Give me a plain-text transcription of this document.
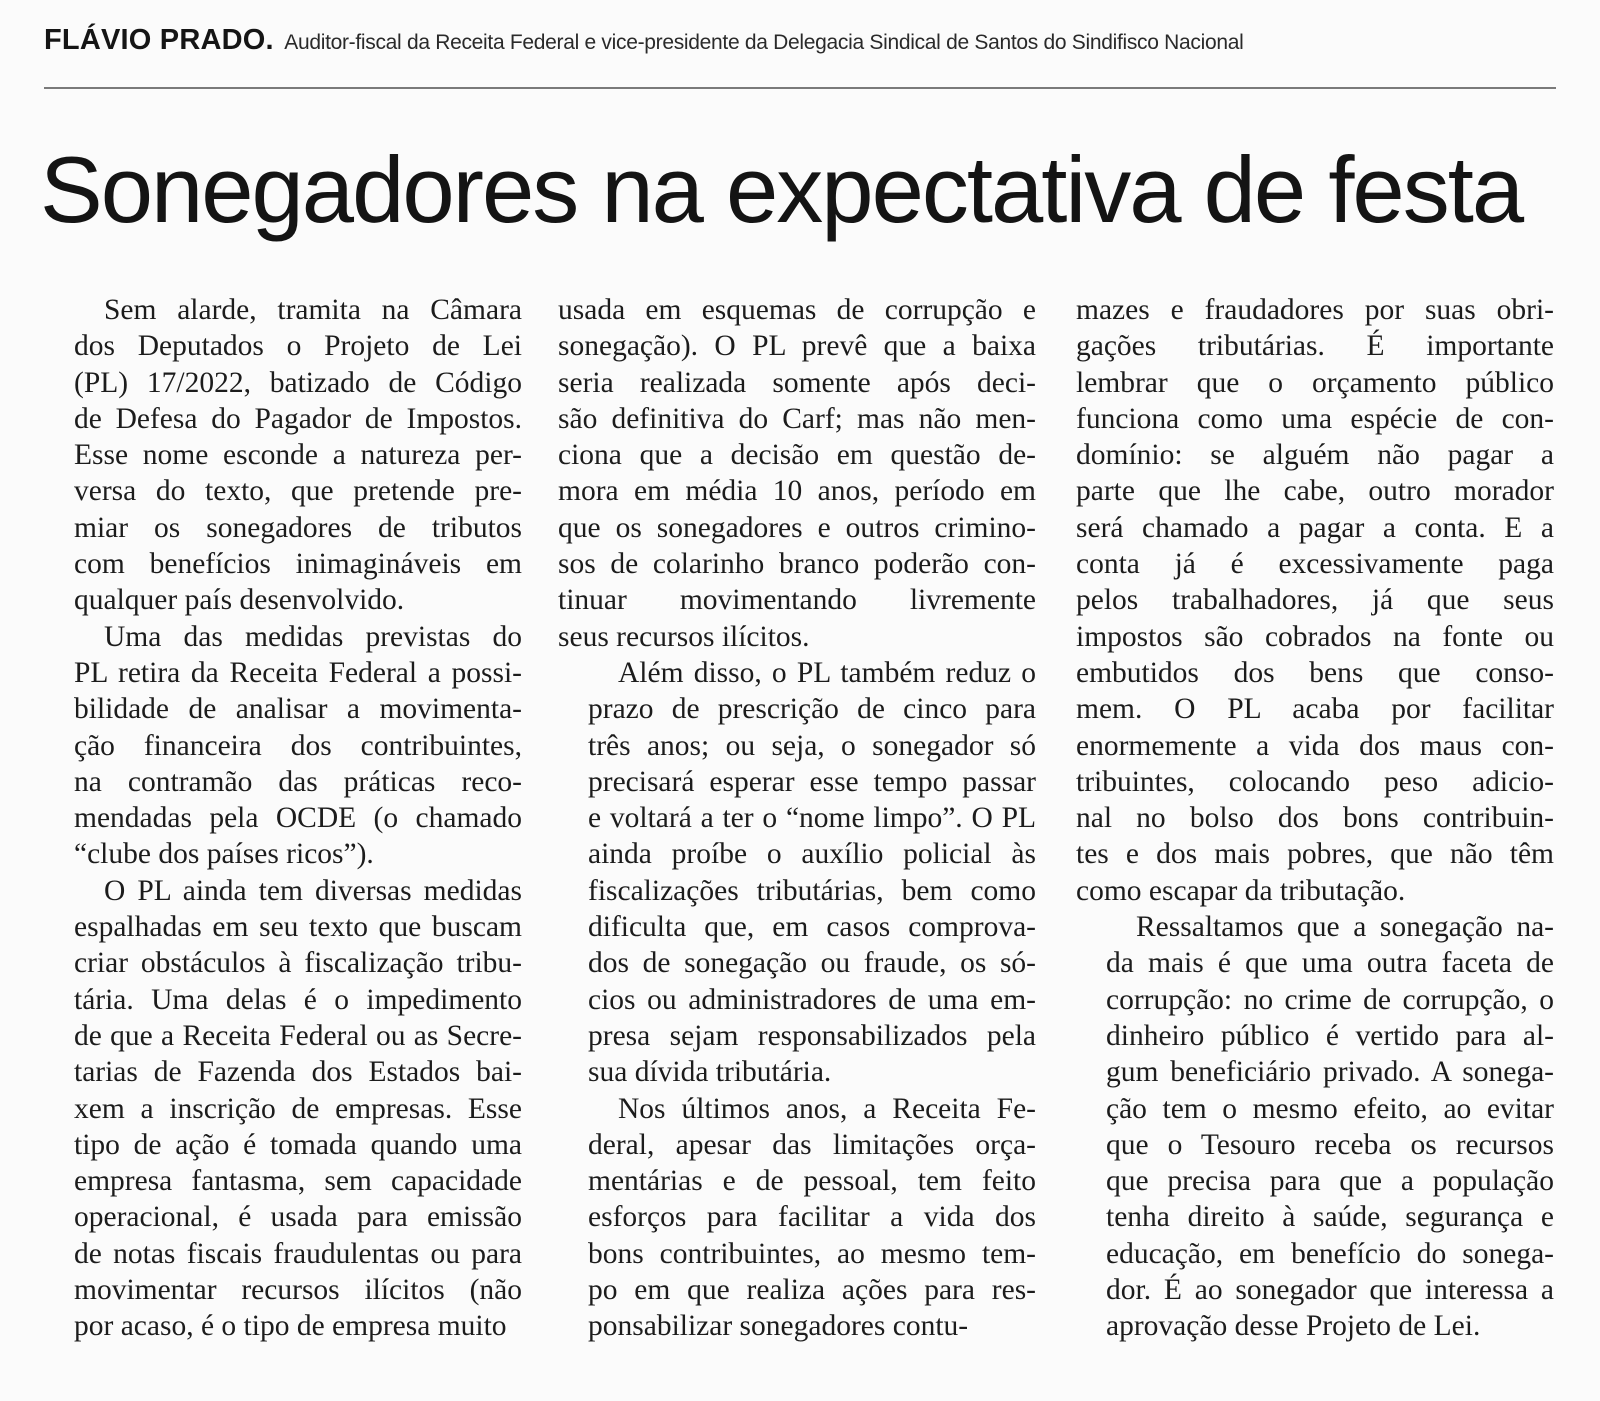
FLÁVIO PRADO. Auditor-fiscal da Receita Federal e vice-presidente da Delegacia Sindical de Santos do Sindifisco Nacional
Sonegadores na expectativa de festa

Sem alarde, tramita na Câmara
dos Deputados o Projeto de Lei
(PL) 17/2022, batizado de Código
de Defesa do Pagador de Impostos.
Esse nome esconde a natureza per-
versa do texto, que pretende pre-
miar os sonegadores de tributos
com benefícios inimagináveis em
qualquer país desenvolvido.

Uma das medidas previstas do
PL retira da Receita Federal a possi-
bilidade de analisar a movimenta-
ção financeira dos contribuintes,
na contramão das práticas reco-
mendadas pela OCDE (o chamado
“clube dos países ricos”).

O PL ainda tem diversas medidas
espalhadas em seu texto que buscam
criar obstáculos à fiscalização tribu-
tária. Uma delas é o impedimento
de que a Receita Federal ou as Secre-
tarias de Fazenda dos Estados bai-
xem a inscrição de empresas. Esse
tipo de ação é tomada quando uma
empresa fantasma, sem capacidade
operacional, é usada para emissão
de notas fiscais fraudulentas ou para
movimentar recursos ilícitos (não
por acaso, é o tipo de empresa muito

usada em esquemas de corrupção e
sonegação). O PL prevê que a baixa
seria realizada somente após deci-
são definitiva do Carf; mas não men-
ciona que a decisão em questão de-
mora em média 10 anos, período em
que os sonegadores e outros crimino-
sos de colarinho branco poderão con-
tinuar movimentando livremente
seus recursos ilícitos.

Além disso, o PL também reduz o
prazo de prescrição de cinco para
três anos; ou seja, o sonegador só
precisará esperar esse tempo passar
e voltará a ter o “nome limpo”. O PL
ainda proíbe o auxílio policial às
fiscalizações tributárias, bem como
dificulta que, em casos comprova-
dos de sonegação ou fraude, os só-
cios ou administradores de uma em-
presa sejam responsabilizados pela
sua dívida tributária.

Nos últimos anos, a Receita Fe-
deral, apesar das limitações orça-
mentárias e de pessoal, tem feito
esforços para facilitar a vida dos
bons contribuintes, ao mesmo tem-
po em que realiza ações para res-
ponsabilizar sonegadores contu-

mazes e fraudadores por suas obri-
gações tributárias. É importante
lembrar que o orçamento público
funciona como uma espécie de con-
domínio: se alguém não pagar a
parte que lhe cabe, outro morador
será chamado a pagar a conta. E a
conta já é excessivamente paga
pelos trabalhadores, já que seus
impostos são cobrados na fonte ou
embutidos dos bens que conso-
mem. O PL acaba por facilitar
enormemente a vida dos maus con-
tribuintes, colocando peso adicio-
nal no bolso dos bons contribuin-
tes e dos mais pobres, que não têm
como escapar da tributação.

Ressaltamos que a sonegação na-
da mais é que uma outra faceta de
corrupção: no crime de corrupção, o
dinheiro público é vertido para al-
gum beneficiário privado. A sonega-
ção tem o mesmo efeito, ao evitar
que o Tesouro receba os recursos
que precisa para que a população
tenha direito à saúde, segurança e
educação, em benefício do sonega-
dor. É ao sonegador que interessa a
aprovação desse Projeto de Lei.
